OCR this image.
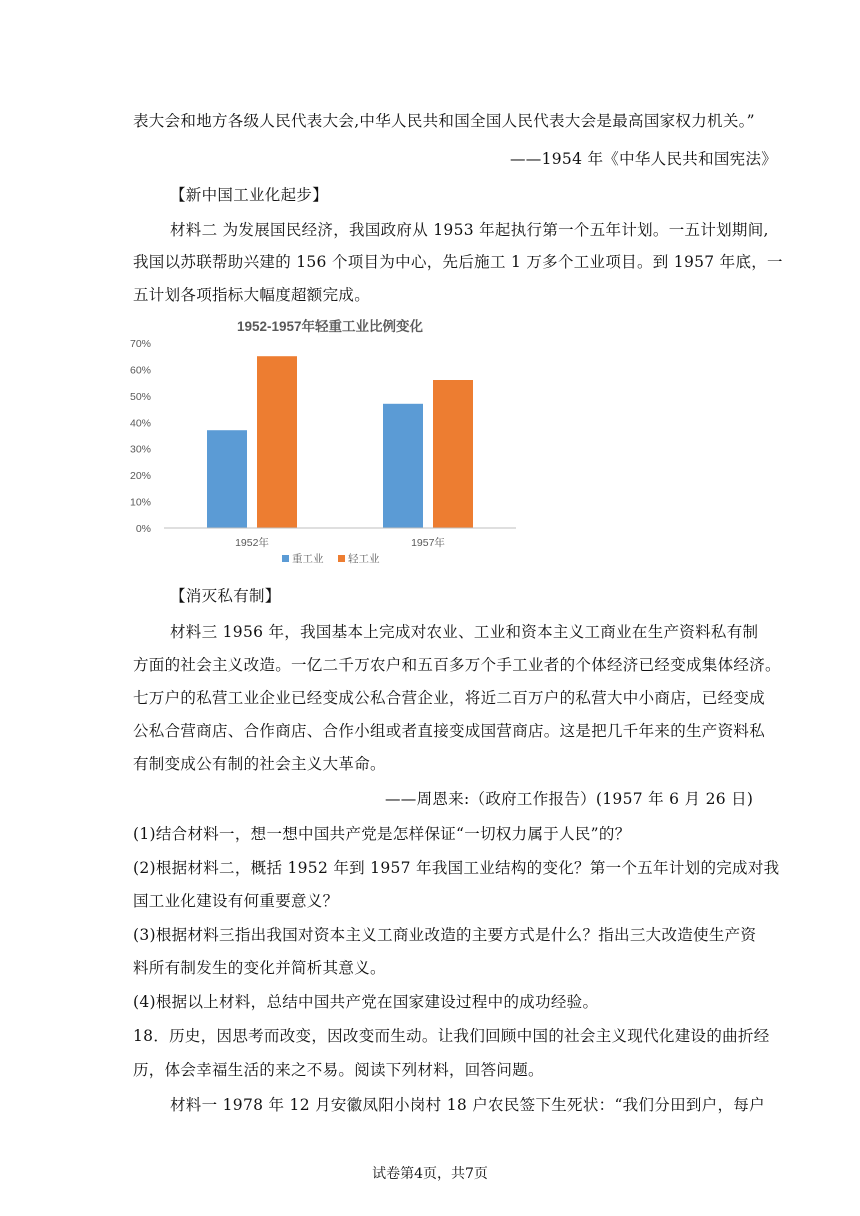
表大会和地方各级人民代表大会,中华人民共和国全国人民代表大会是最高国家权力机关。”
——1954 年《中华人民共和国宪法》
【新中国工业化起步】
材料二 为发展国民经济，我国政府从 1953 年起执行第一个五年计划。一五计划期间,
我国以苏联帮助兴建的 156 个项目为中心，先后施工 1 万多个工业项目。到 1957 年底，一
五计划各项指标大幅度超额完成。
1952-1957年轻重工业比例变化
0%
10%
20%
30%
40%
50%
60%
70%
1952年	1957年
重工业 轻工业
【消灭私有制】
材料三 1956 年，我国基本上完成对农业、工业和资本主义工商业在生产资料私有制
方面的社会主义改造。一亿二千万农户和五百多万个手工业者的个体经济已经变成集体经济。
七万户的私营工业企业已经变成公私合营企业，将近二百万户的私营大中小商店，已经变成
公私合营商店、合作商店、合作小组或者直接变成国营商店。这是把几千年来的生产资料私
有制变成公有制的社会主义大革命。
——周恩来:（政府工作报告）(1957 年 6 月 26 日)
(1)结合材料一，想一想中国共产党是怎样保证“一切权力属于人民”的？
(2)根据材料二，概括 1952 年到 1957 年我国工业结构的变化？第一个五年计划的完成对我
国工业化建设有何重要意义？
(3)根据材料三指出我国对资本主义工商业改造的主要方式是什么？指出三大改造使生产资
料所有制发生的变化并简析其意义。
(4)根据以上材料，总结中国共产党在国家建设过程中的成功经验。
18．历史，因思考而改变，因改变而生动。让我们回顾中国的社会主义现代化建设的曲折经
历，体会幸福生活的来之不易。阅读下列材料，回答问题。
材料一 1978 年 12 月安徽凤阳小岗村 18 户农民签下生死状：“我们分田到户，每户
试卷第4页，共7页
